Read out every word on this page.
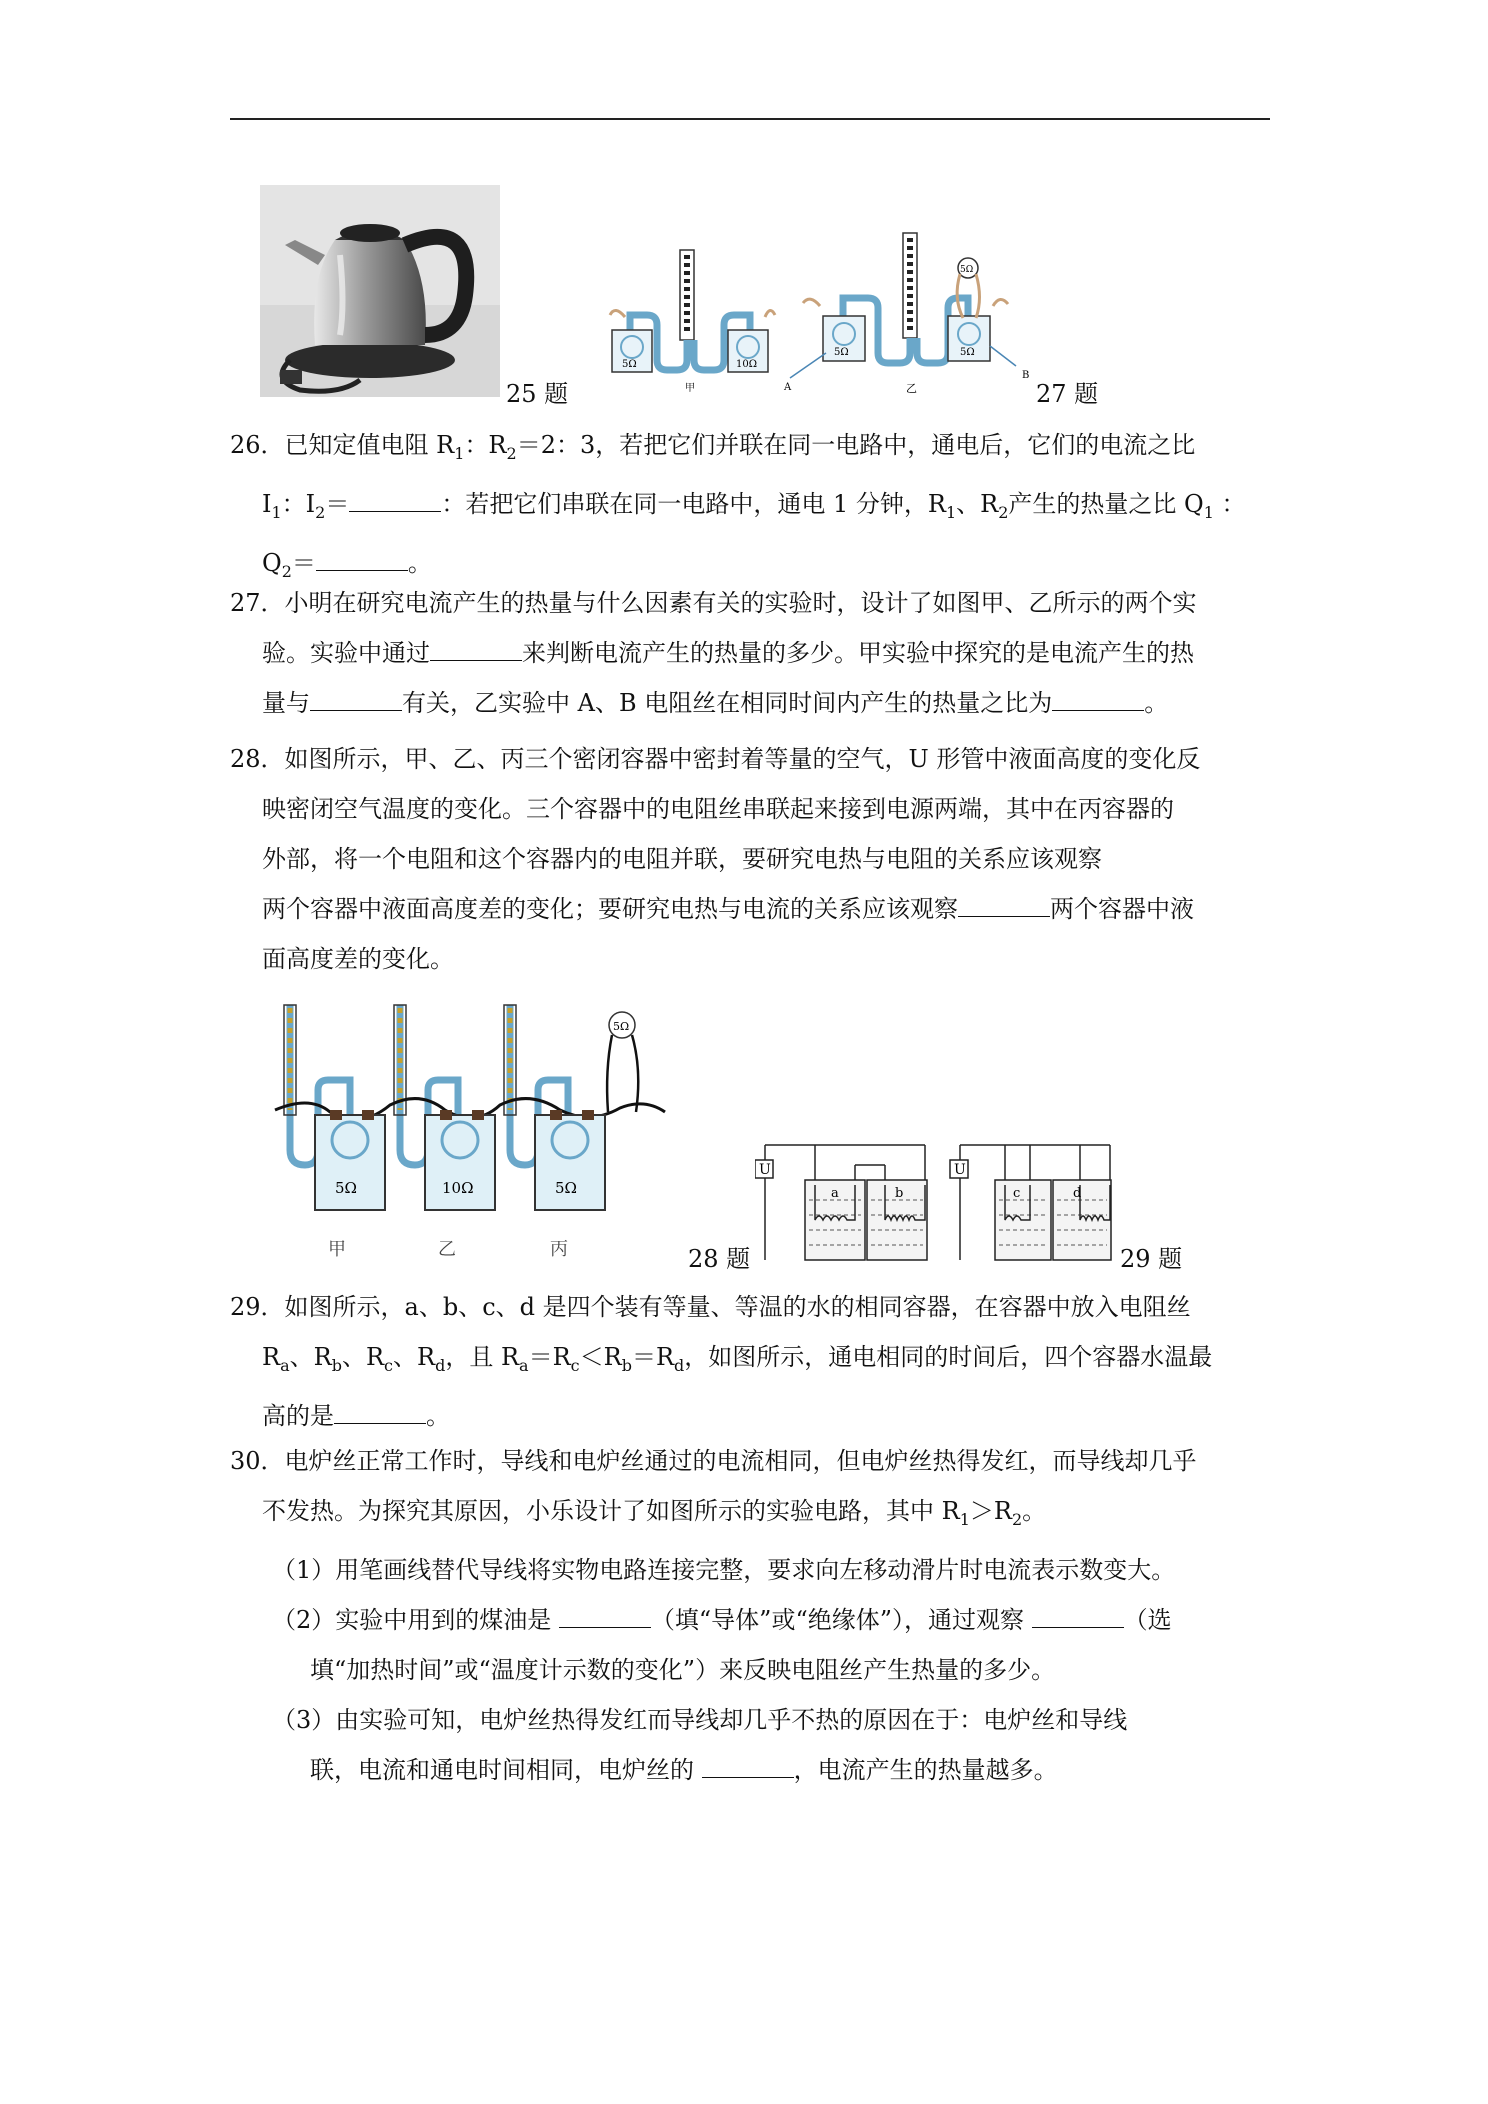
25 题
5Ω	10Ω
甲
5Ω	5Ω
5Ω
A
B
乙	27 题

26．已知定值电阻 $R_1$：$R_2=2$：3，若把它们并联在同一电路中，通电后，它们的电流之比

$I_1$：$I_2=$	：若把它们串联在同一电路中，通电 1 分钟，$R_1$、$R_2$产生的热量之比 $Q_1$ ：

$Q_2=$	。

27．小明在研究电流产生的热量与什么因素有关的实验时，设计了如图甲、乙所示的两个实

验。实验中通过	来判断电流产生的热量的多少。甲实验中探究的是电流产生的热

量与	有关，乙实验中 A、B 电阻丝在相同时间内产生的热量之比为	。

28．如图所示，甲、乙、丙三个密闭容器中密封着等量的空气，U 形管中液面高度的变化反

映密闭空气温度的变化。三个容器中的电阻丝串联起来接到电源两端，其中在丙容器的

外部，将一个电阻和这个容器内的电阻并联，要研究电热与电阻的关系应该观察

两个容器中液面高度差的变化；要研究电热与电流的关系应该观察	两个容器中液

面高度差的变化。

5Ω	10Ω	5Ω
5Ω
甲	乙	丙	28 题
U	U
a	b	c	d
29 题

29．如图所示，a、b、c、d 是四个装有等量、等温的水的相同容器，在容器中放入电阻丝

$R_a$、$R_b$、$R_c$、$R_d$，且 $R_a=R_c<R_b=R_d$，如图所示，通电相同的时间后，四个容器水温最

高的是	。

30．电炉丝正常工作时，导线和电炉丝通过的电流相同，但电炉丝热得发红，而导线却几乎

不发热。为探究其原因，小乐设计了如图所示的实验电路，其中 $R_1>R_2$。

（1）用笔画线替代导线将实物电路连接完整，要求向左移动滑片时电流表示数变大。

（2）实验中用到的煤油是	（填“导体”或“绝缘体”），通过观察	（选

填“加热时间”或“温度计示数的变化”）来反映电阻丝产生热量的多少。

（3）由实验可知，电炉丝热得发红而导线却几乎不热的原因在于：电炉丝和导线

联，电流和通电时间相同，电炉丝的	，电流产生的热量越多。
